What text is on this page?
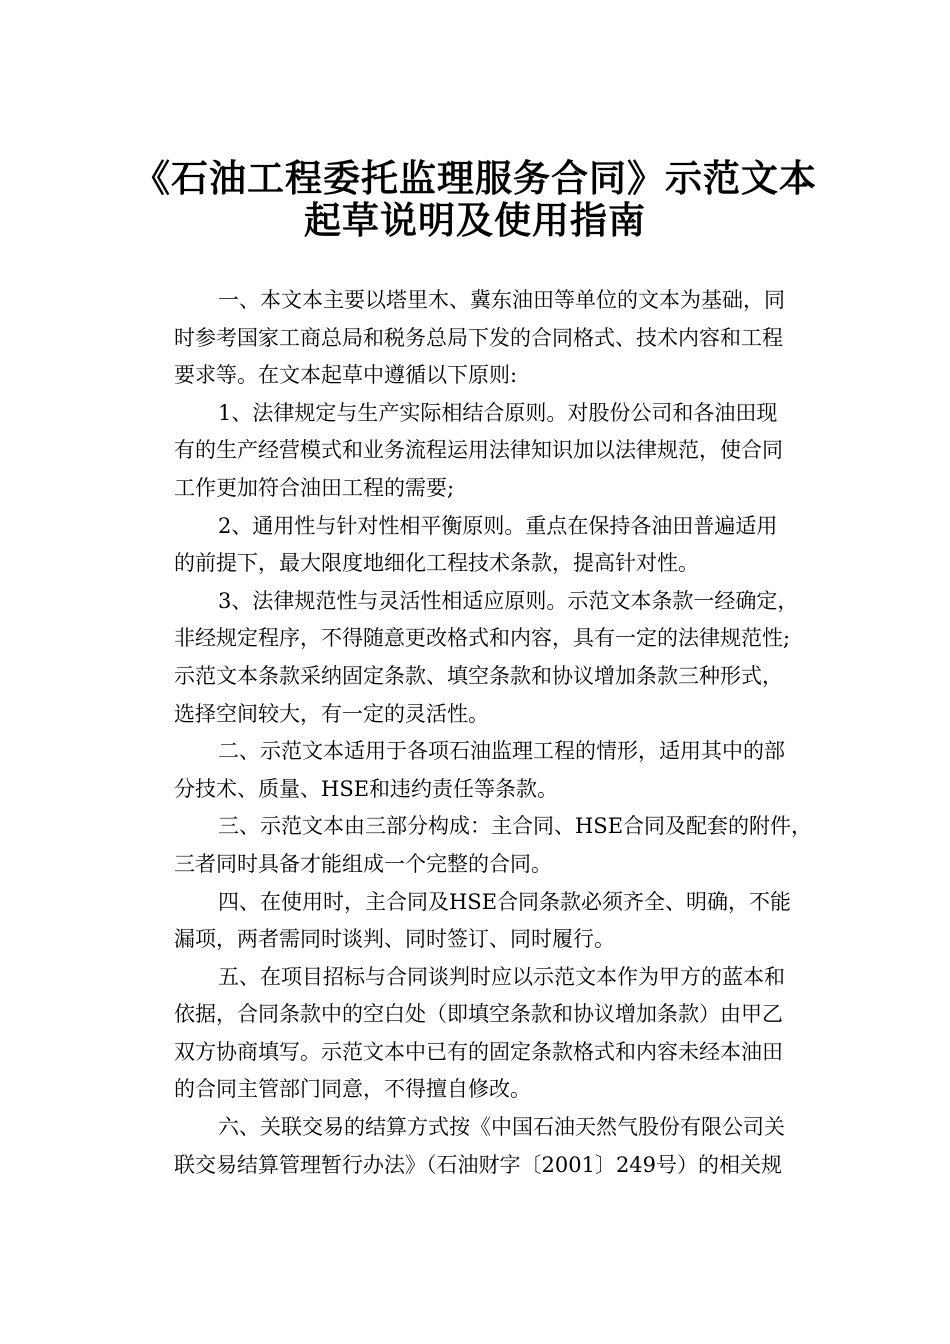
《石油工程委托监理服务合同》示范文本
起草说明及使用指南
一、本文本主要以塔里木、冀东油田等单位的文本为基础，同
时参考国家工商总局和税务总局下发的合同格式、技术内容和工程
要求等。在文本起草中遵循以下原则:
1、法律规定与生产实际相结合原则。对股份公司和各油田现
有的生产经营模式和业务流程运用法律知识加以法律规范，使合同
工作更加符合油田工程的需要;
2、通用性与针对性相平衡原则。重点在保持各油田普遍适用
的前提下，最大限度地细化工程技术条款，提高针对性。
3、法律规范性与灵活性相适应原则。示范文本条款一经确定，
非经规定程序，不得随意更改格式和内容，具有一定的法律规范性;
示范文本条款采纳固定条款、填空条款和协议增加条款三种形式，
选择空间较大，有一定的灵活性。
二、示范文本适用于各项石油监理工程的情形，适用其中的部
分技术、质量、HSE和违约责任等条款。
三、示范文本由三部分构成：主合同、HSE合同及配套的附件，
三者同时具备才能组成一个完整的合同。
四、在使用时，主合同及HSE合同条款必须齐全、明确，不能
漏项，两者需同时谈判、同时签订、同时履行。
五、在项目招标与合同谈判时应以示范文本作为甲方的蓝本和
依据，合同条款中的空白处（即填空条款和协议增加条款）由甲乙
双方协商填写。示范文本中已有的固定条款格式和内容未经本油田
的合同主管部门同意，不得擅自修改。
六、关联交易的结算方式按《中国石油天然气股份有限公司关
联交易结算管理暂行办法》（石油财字〔2001〕249号）的相关规
